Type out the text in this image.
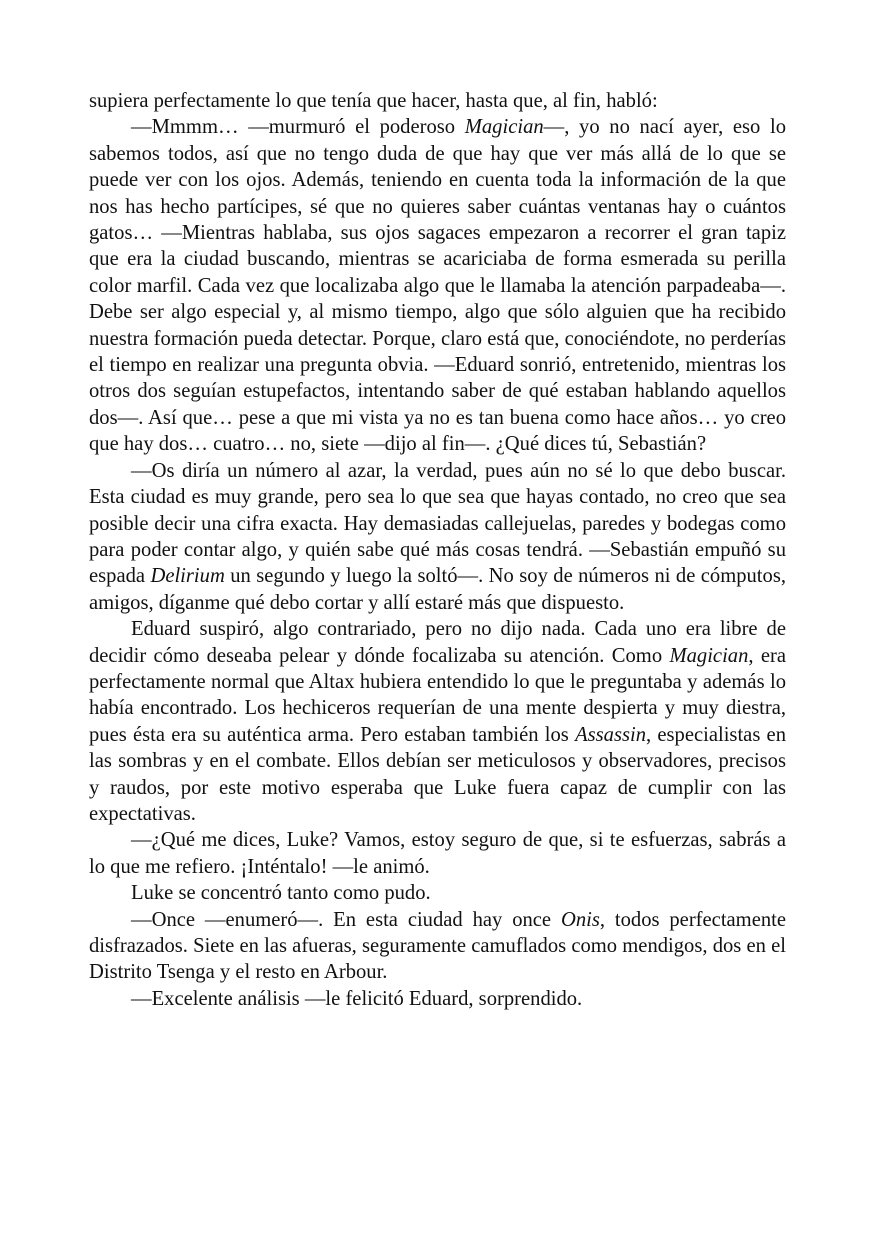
supiera perfectamente lo que tenía que hacer, hasta que, al fin, habló:

—Mmmm… —murmuró el poderoso Magician—, yo no nací ayer, eso lo sabemos todos, así que no tengo duda de que hay que ver más allá de lo que se puede ver con los ojos. Además, teniendo en cuenta toda la información de la que nos has hecho partícipes, sé que no quieres saber cuántas ventanas hay o cuántos gatos… —Mientras hablaba, sus ojos sagaces empezaron a recorrer el gran tapiz que era la ciudad buscando, mientras se acariciaba de forma esmerada su perilla color marfil. Cada vez que localizaba algo que le llamaba la atención parpadeaba—. Debe ser algo especial y, al mismo tiempo, algo que sólo alguien que ha recibido nuestra formación pueda detectar. Porque, claro está que, conociéndote, no perderías el tiempo en realizar una pregunta obvia. —Eduard sonrió, entretenido, mientras los otros dos seguían estupefactos, intentando saber de qué estaban hablando aquellos dos—. Así que… pese a que mi vista ya no es tan buena como hace años… yo creo que hay dos… cuatro… no, siete —dijo al fin—. ¿Qué dices tú, Sebastián?

—Os diría un número al azar, la verdad, pues aún no sé lo que debo buscar. Esta ciudad es muy grande, pero sea lo que sea que hayas contado, no creo que sea posible decir una cifra exacta. Hay demasiadas callejuelas, paredes y bodegas como para poder contar algo, y quién sabe qué más cosas tendrá. —Sebastián empuñó su espada Delirium un segundo y luego la soltó—. No soy de números ni de cómputos, amigos, díganme qué debo cortar y allí estaré más que dispuesto.

Eduard suspiró, algo contrariado, pero no dijo nada. Cada uno era libre de decidir cómo deseaba pelear y dónde focalizaba su atención. Como Magician, era perfectamente normal que Altax hubiera entendido lo que le preguntaba y además lo había encontrado. Los hechiceros requerían de una mente despierta y muy diestra, pues ésta era su auténtica arma. Pero estaban también los Assassin, especialistas en las sombras y en el combate. Ellos debían ser meticulosos y observadores, precisos y raudos, por este motivo esperaba que Luke fuera capaz de cumplir con las expectativas.

—¿Qué me dices, Luke? Vamos, estoy seguro de que, si te esfuerzas, sabrás a lo que me refiero. ¡Inténtalo! —le animó.

Luke se concentró tanto como pudo.

—Once —enumeró—. En esta ciudad hay once Onis, todos perfectamente disfrazados. Siete en las afueras, seguramente camuflados como mendigos, dos en el Distrito Tsenga y el resto en Arbour.

—Excelente análisis —le felicitó Eduard, sorprendido.
